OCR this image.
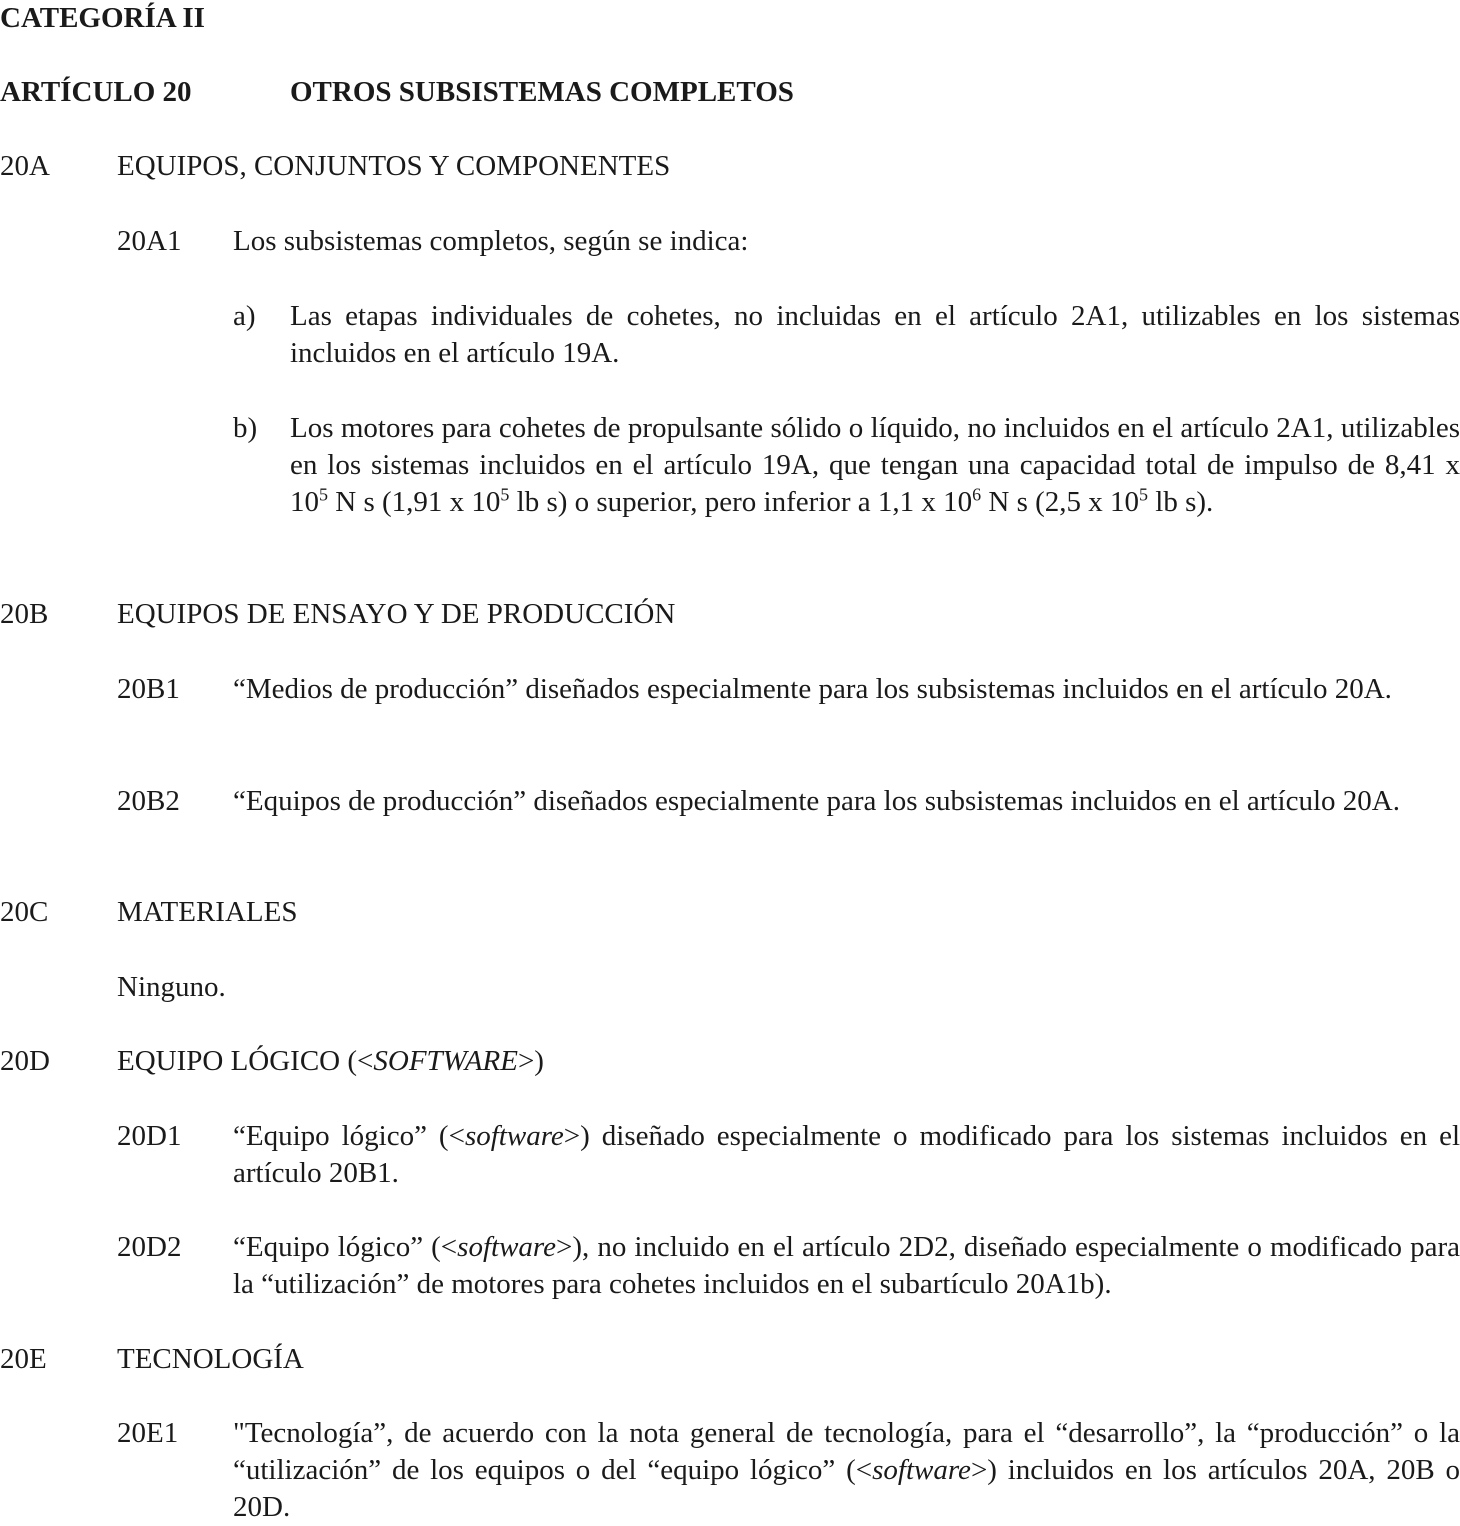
CATEGORÍA II
ARTÍCULO 20	OTROS SUBSISTEMAS COMPLETOS
20A EQUIPOS, CONJUNTOS Y COMPONENTES
20A1 Los subsistemas completos, según se indica:
a) Las etapas individuales de cohetes, no incluidas en el artículo 2A1, utilizables en los sistemas incluidos en el artículo 19A.

b) Los motores para cohetes de propulsante sólido o líquido, no incluidos en el artículo 2A1, utilizables en los sistemas incluidos en el artículo 19A, que tengan una capacidad total de impulso de 8,41 x $10^5$ N s (1,91 x $10^5$ lb s) o superior, pero inferior a 1,1 x $10^6$ N s (2,5 x $10^5$ lb s).

20B EQUIPOS DE ENSAYO Y DE PRODUCCIÓN
20B1 “Medios de producción” diseñados especialmente para los subsistemas incluidos en el artículo 20A.

20B2 “Equipos de producción” diseñados especialmente para los subsistemas incluidos en el artículo 20A.

20C MATERIALES
Ninguno.
20D EQUIPO LÓGICO (<SOFTWARE>)
20D1 “Equipo lógico” (<software>) diseñado especialmente o modificado para los sistemas incluidos en el artículo 20B1.

20D2 “Equipo lógico” (<software>), no incluido en el artículo 2D2, diseñado especialmente o modificado para la “utilización” de motores para cohetes incluidos en el subartículo 20A1b).

20E TECNOLOGÍA
20E1 "Tecnología”, de acuerdo con la nota general de tecnología, para el “desarrollo”, la “producción” o la “utilización” de los equipos o del “equipo lógico” (<software>) incluidos en los artículos 20A, 20B o 20D.
